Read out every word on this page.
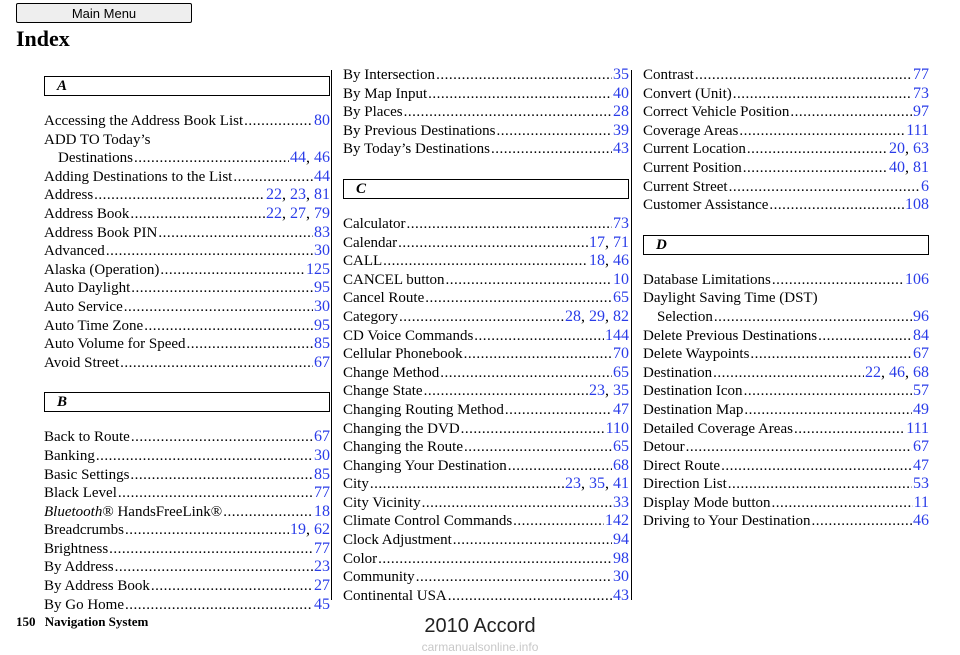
Main Menu
Index
A
Accessing the Address Book List .....	80
ADD TO Today’s
Destinations .....	44, 46
Adding Destinations to the List .....	44
Address .....	22, 23, 81
Address Book .....	22, 27, 79
Address Book PIN .....	83
Advanced .....	30
Alaska (Operation) .....	125
Auto Daylight .....	95
Auto Service .....	30
Auto Time Zone .....	95
Auto Volume for Speed .....	85
Avoid Street .....	67
B
Back to Route .....	67
Banking .....	30
Basic Settings .....	85
Black Level .....	77
Bluetooth® HandsFreeLink® .....	18
Breadcrumbs .....	19, 62
Brightness .....	77
By Address .....	23
By Address Book .....	27
By Go Home .....	45
By Intersection .....	35
By Map Input .....	40
By Places .....	28
By Previous Destinations .....	39
By Today’s Destinations .....	43
C
Calculator .....	73
Calendar .....	17, 71
CALL .....	18, 46
CANCEL button .....	10
Cancel Route .....	65
Category .....	28, 29, 82
CD Voice Commands .....	144
Cellular Phonebook .....	70
Change Method .....	65
Change State .....	23, 35
Changing Routing Method .....	47
Changing the DVD .....	110
Changing the Route .....	65
Changing Your Destination .....	68
City .....	23, 35, 41
City Vicinity .....	33
Climate Control Commands .....	142
Clock Adjustment .....	94
Color .....	98
Community .....	30
Continental USA .....	43
Contrast .....	77
Convert (Unit) .....	73
Correct Vehicle Position .....	97
Coverage Areas .....	111
Current Location .....	20, 63
Current Position .....	40, 81
Current Street .....	6
Customer Assistance .....	108
D
Database Limitations .....	106
Daylight Saving Time (DST)
Selection .....	96
Delete Previous Destinations .....	84
Delete Waypoints .....	67
Destination .....	22, 46, 68
Destination Icon .....	57
Destination Map .....	49
Detailed Coverage Areas .....	111
Detour .....	67
Direct Route .....	47
Direction List .....	53
Display Mode button .....	11
Driving to Your Destination .....	46
150 Navigation System	2010 Accord
carmanualsonline.info
